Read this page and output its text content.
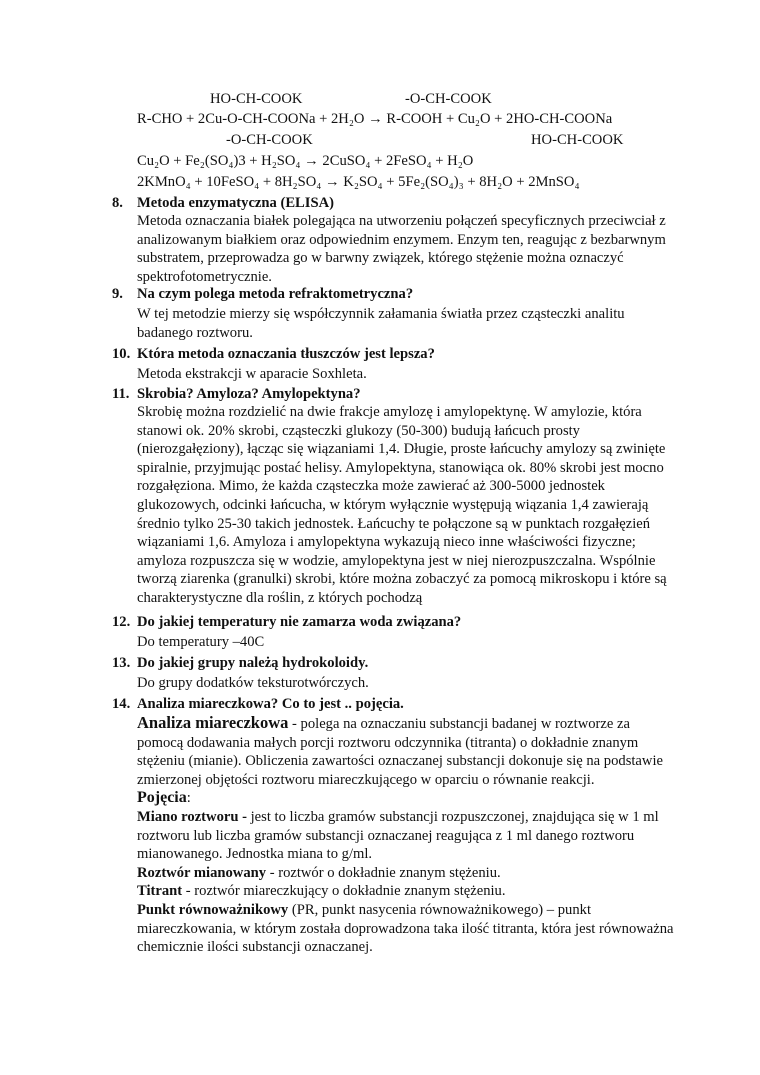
HO-CH-COOK	-O-CH-COOK
R-CHO + 2Cu-O-CH-COONa + 2H₂O → R-COOH + Cu₂O + 2HO-CH-COONa
-O-CH-COOK	HO-CH-COOK
Cu₂O + Fe₂(SO₄)3 + H₂SO₄ → 2CuSO₄ + 2FeSO₄ + H₂O
2KMnO₄ + 10FeSO₄ + 8H₂SO₄ → K₂SO₄ + 5Fe₂(SO₄)₃ + 8H₂O + 2MnSO₄
8. Metoda enzymatyczna (ELISA)

Metoda oznaczania białek polegająca na utworzeniu połączeń specyficznych przeciwciał z analizowanym białkiem oraz odpowiednim enzymem. Enzym ten, reagując z bezbarwnym substratem, przeprowadza go w barwny związek, którego stężenie można oznaczyć spektrofotometrycznie.

9. Na czym polega metoda refraktometryczna?

W tej metodzie mierzy się współczynnik załamania światła przez cząsteczki analitu badanego roztworu.

10. Która metoda oznaczania tłuszczów jest lepsza?

Metoda ekstrakcji w aparacie Soxhleta.

11. Skrobia? Amyloza? Amylopektyna?

Skrobię można rozdzielić na dwie frakcje amylozę i amylopektynę. W amylozie, która stanowi ok. 20% skrobi, cząsteczki glukozy (50-300) budują łańcuch prosty (nierozgałęziony), łącząc się wiązaniami 1,4. Długie, proste łańcuchy amylozy są zwinięte spiralnie, przyjmując postać helisy. Amylopektyna, stanowiąca ok. 80% skrobi jest mocno rozgałęziona. Mimo, że każda cząsteczka może zawierać aż 300-5000 jednostek glukozowych, odcinki łańcucha, w którym wyłącznie występują wiązania 1,4 zawierają średnio tylko 25-30 takich jednostek. Łańcuchy te połączone są w punktach rozgałęzień wiązaniami 1,6. Amyloza i amylopektyna wykazują nieco inne właściwości fizyczne; amyloza rozpuszcza się w wodzie, amylopektyna jest w niej nierozpuszczalna. Wspólnie tworzą ziarenka (granulki) skrobi, które można zobaczyć za pomocą mikroskopu i które są charakterystyczne dla roślin, z których pochodzą

12. Do jakiej temperatury nie zamarza woda związana?

Do temperatury –40C

13. Do jakiej grupy należą hydrokoloidy.

Do grupy dodatków teksturotwórczych.

14. Analiza miareczkowa? Co to jest .. pojęcia.

Analiza miareczkowa - polega na oznaczaniu substancji badanej w roztworze za pomocą dodawania małych porcji roztworu odczynnika (titranta) o dokładnie znanym stężeniu (mianie). Obliczenia zawartości oznaczanej substancji dokonuje się na podstawie zmierzonej objętości roztworu miareczkującego w oparciu o równanie reakcji.

Pojęcia:

Miano roztworu - jest to liczba gramów substancji rozpuszczonej, znajdująca się w 1 ml roztworu lub liczba gramów substancji oznaczanej reagująca z 1 ml danego roztworu mianowanego. Jednostka miana to g/ml.

Roztwór mianowany - roztwór o dokładnie znanym stężeniu.

Titrant - roztwór miareczkujący o dokładnie znanym stężeniu.

Punkt równoważnikowy (PR, punkt nasycenia równoważnikowego) – punkt miareczkowania, w którym została doprowadzona taka ilość titranta, która jest równoważna chemicznie ilości substancji oznaczanej.
